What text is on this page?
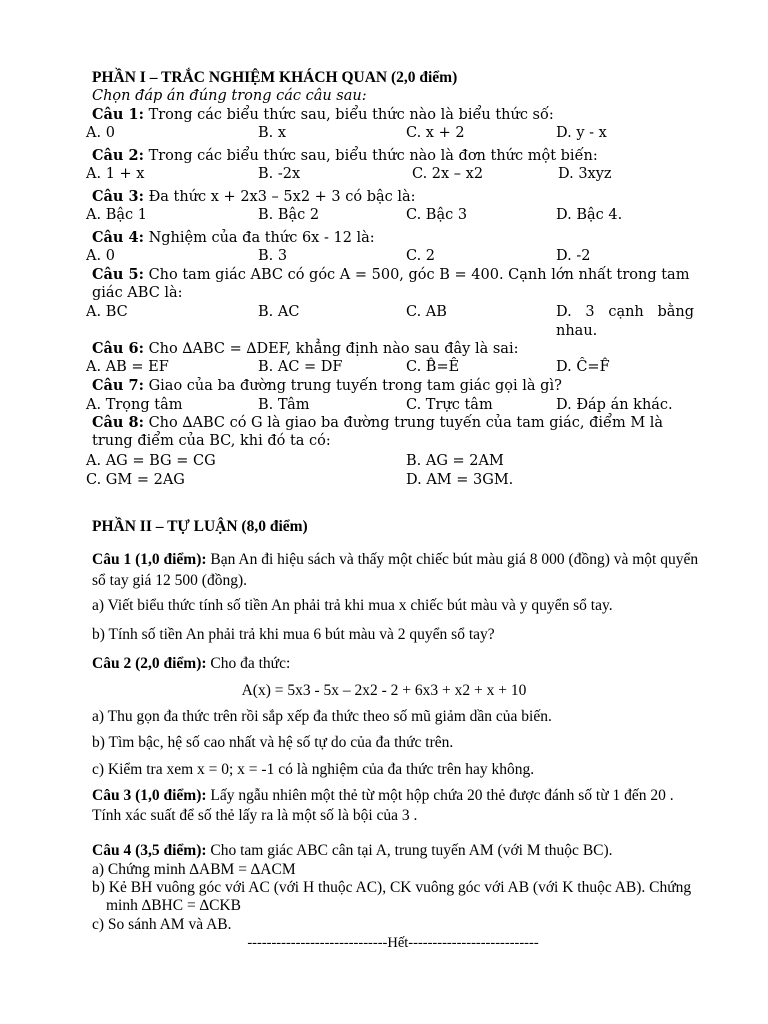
PHẦN I – TRẮC NGHIỆM KHÁCH QUAN (2,0 điểm)
Chọn đáp án đúng trong các câu sau:
Câu 1: Trong các biểu thức sau, biểu thức nào là biểu thức số:
A. 0	B. x	C. x + 2	D. y - x
Câu 2: Trong các biểu thức sau, biểu thức nào là đơn thức một biến:
A. 1 + x	B. -2x	C. 2x – x2	D. 3xyz
Câu 3: Đa thức x + 2x3 – 5x2 + 3 có bậc là:
A. Bậc 1	B. Bậc 2	C. Bậc 3	D. Bậc 4.
Câu 4: Nghiệm của đa thức 6x - 12 là:
A. 0	B. 3	C. 2	D. -2
Câu 5: Cho tam giác ABC có góc A = 500, góc B = 400. Cạnh lớn nhất trong tam giác ABC là:
A. BC	B. AC	C. AB	D. 3 cạnh bằng nhau.
Câu 6: Cho ∆ABC = ∆DEF, khẳng định nào sau đây là sai:
A. AB = EF	B. AC = DF	C. B̂=Ê	D. Ĉ=F̂
Câu 7: Giao của ba đường trung tuyến trong tam giác gọi là gì?
A. Trọng tâm	B. Tâm	C. Trực tâm	D. Đáp án khác.
Câu 8: Cho ∆ABC có G là giao ba đường trung tuyến của tam giác, điểm M là trung điểm của BC, khi đó ta có:
A. AG = BG = CG	B. AG = 2AM
C. GM = 2AG	D. AM = 3GM.
PHẦN II – TỰ LUẬN (8,0 điểm)
Câu 1 (1,0 điểm): Bạn An đi hiệu sách và thấy một chiếc bút màu giá 8 000 (đồng) và một quyển sổ tay giá 12 500 (đồng).
a) Viết biểu thức tính số tiền An phải trả khi mua x chiếc bút màu và y quyển sổ tay.
b) Tính số tiền An phải trả khi mua 6 bút màu và 2 quyển sổ tay?
Câu 2 (2,0 điểm): Cho đa thức:
A(x) = 5x3 - 5x – 2x2 - 2 + 6x3 + x2 + x + 10
a) Thu gọn đa thức trên rồi sắp xếp đa thức theo số mũ giảm dần của biến.
b) Tìm bậc, hệ số cao nhất và hệ số tự do của đa thức trên.
c) Kiểm tra xem x = 0; x = -1 có là nghiệm của đa thức trên hay không.
Câu 3 (1,0 điểm): Lấy ngẫu nhiên một thẻ từ một hộp chứa 20 thẻ được đánh số từ 1 đến 20 . Tính xác suất để số thẻ lấy ra là một số là bội của 3 .
Câu 4 (3,5 điểm): Cho tam giác ABC cân tại A, trung tuyến AM (với M thuộc BC).
a) Chứng minh ∆ABM = ∆ACM
b) Kẻ BH vuông góc với AC (với H thuộc AC), CK vuông góc với AB (với K thuộc AB). Chứng minh ∆BHC = ∆CKB
c) So sánh AM và AB.
-----------------------------Hết---------------------------
